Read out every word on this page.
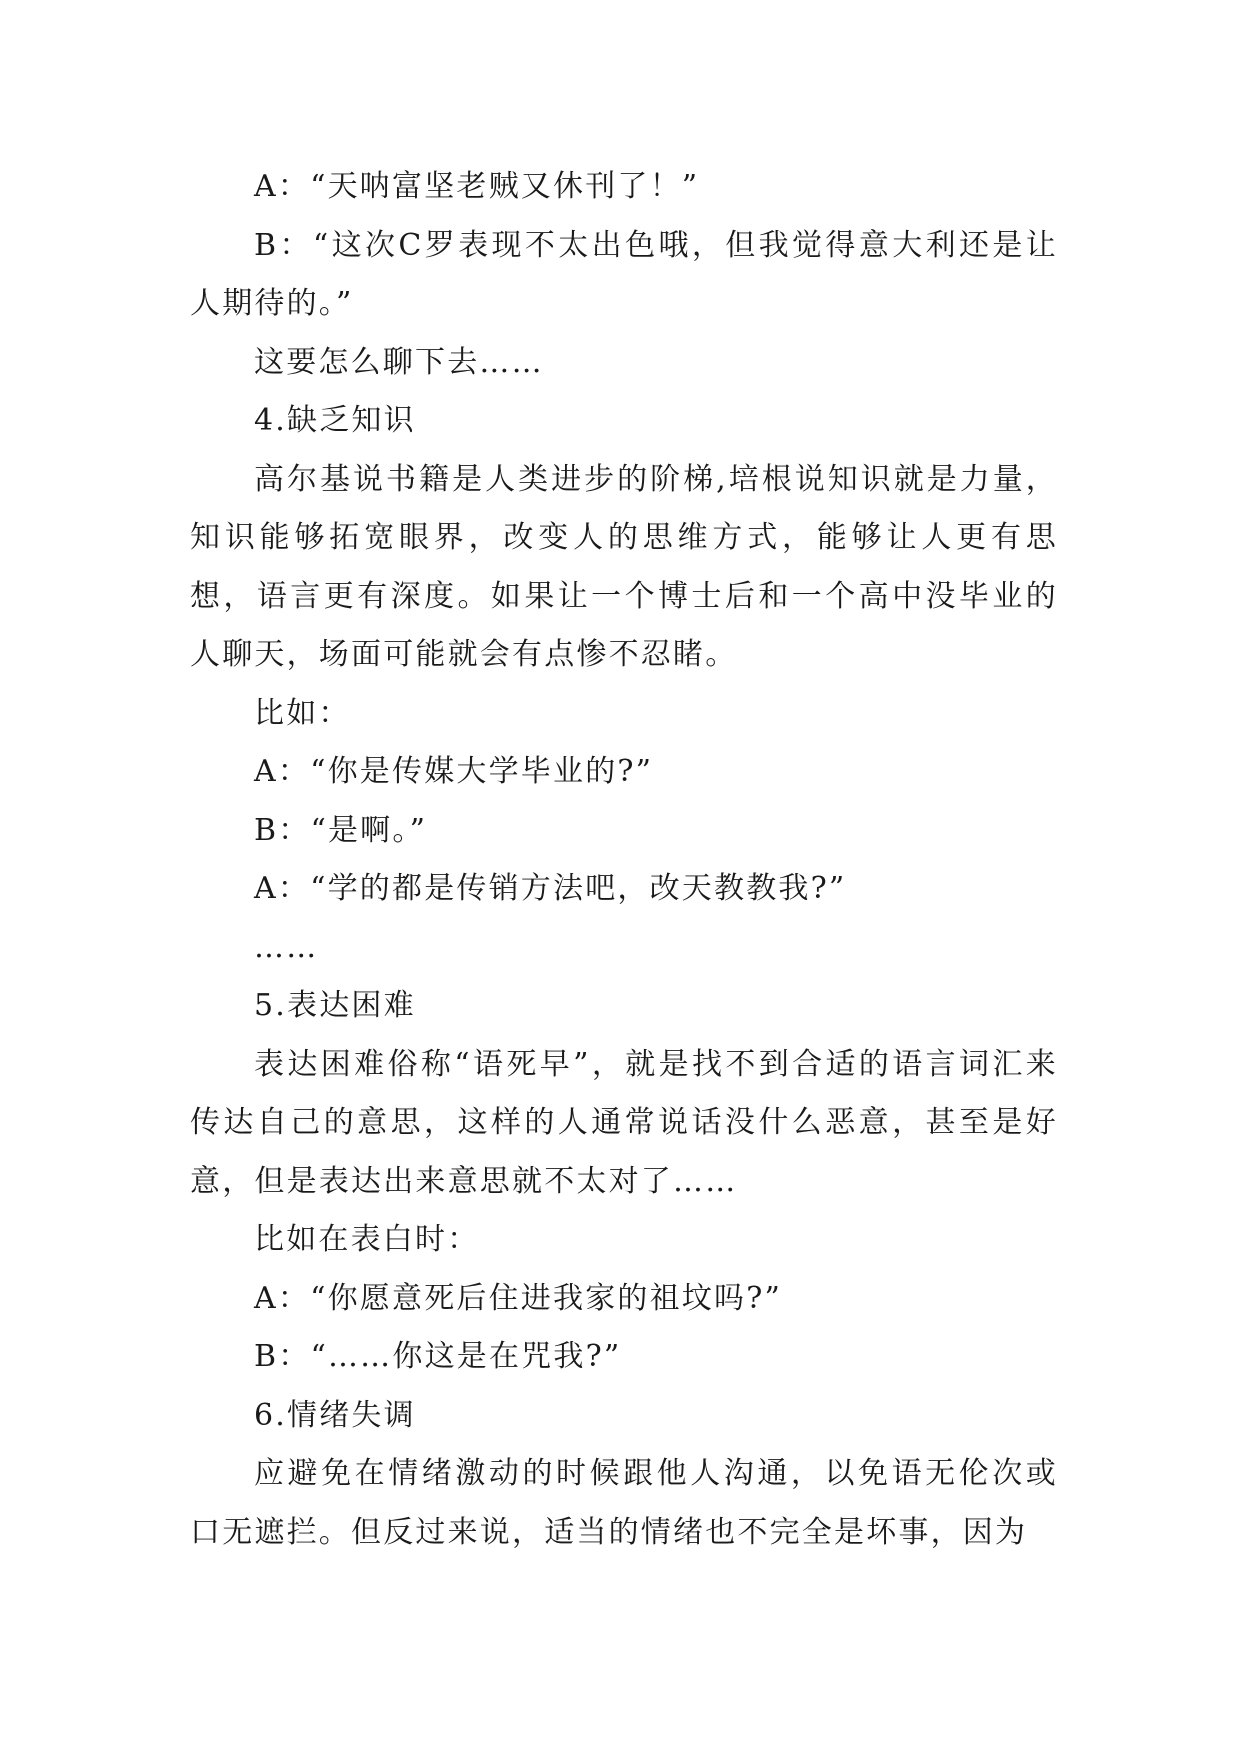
A：“天呐富坚老贼又休刊了！”

B：“这次C罗表现不太出色哦，但我觉得意大利还是让人期待的。”

这要怎么聊下去……

4.缺乏知识

高尔基说书籍是人类进步的阶梯,培根说知识就是力量，知识能够拓宽眼界，改变人的思维方式，能够让人更有思想，语言更有深度。如果让一个博士后和一个高中没毕业的人聊天，场面可能就会有点惨不忍睹。

比如：

A：“你是传媒大学毕业的?”

B：“是啊。”

A：“学的都是传销方法吧，改天教教我?”

……

5.表达困难

表达困难俗称“语死早”，就是找不到合适的语言词汇来传达自己的意思，这样的人通常说话没什么恶意，甚至是好意，但是表达出来意思就不太对了……

比如在表白时：

A：“你愿意死后住进我家的祖坟吗?”

B：“……你这是在咒我?”

6.情绪失调

应避免在情绪激动的时候跟他人沟通，以免语无伦次或口无遮拦。但反过来说，适当的情绪也不完全是坏事，因为
